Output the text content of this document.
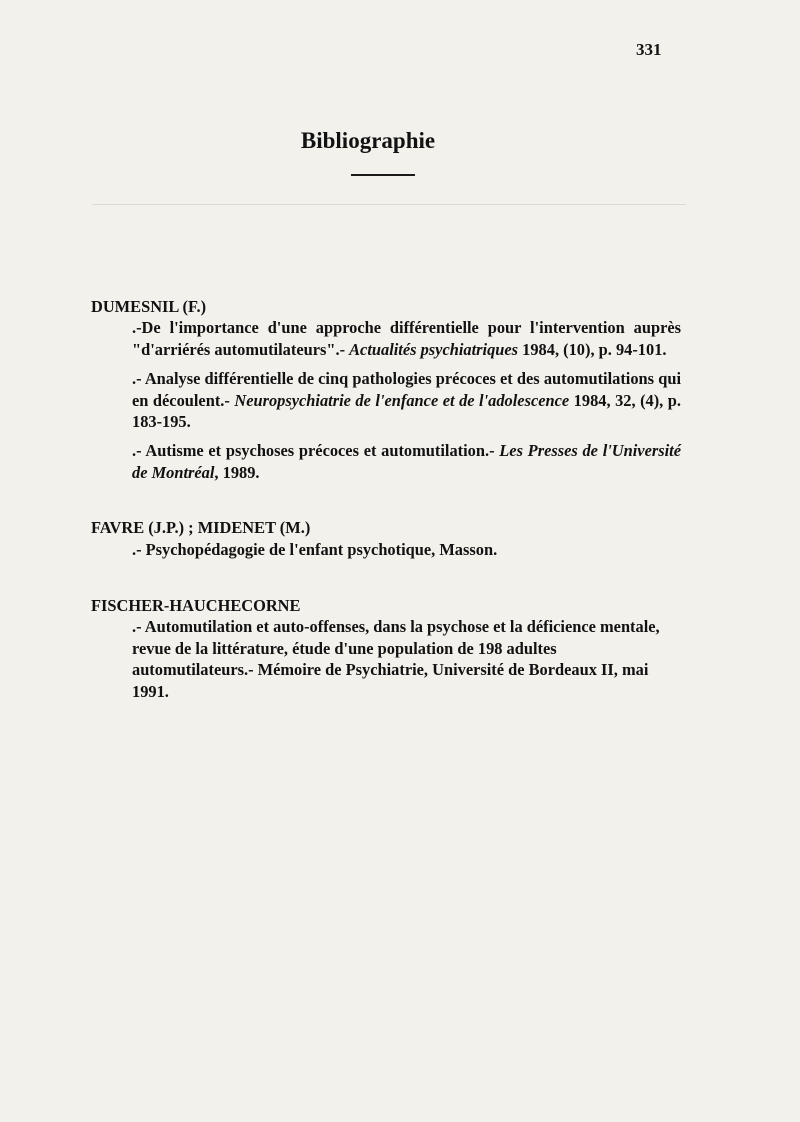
331
Bibliographie

DUMESNIL (F.)

.-De l'importance d'une approche différentielle pour l'intervention auprès "d'arriérés automutilateurs".- Actualités psychiatriques 1984, (10), p. 94-101.

.- Analyse différentielle de cinq pathologies précoces et des automutilations qui en découlent.- Neuropsychiatrie de l'enfance et de l'adolescence 1984, 32, (4), p. 183-195.

.- Autisme et psychoses précoces et automutilation.- Les Presses de l'Université de Montréal, 1989.

FAVRE (J.P.) ; MIDENET (M.)

.- Psychopédagogie de l'enfant psychotique, Masson.

FISCHER-HAUCHECORNE

.- Automutilation et auto-offenses, dans la psychose et la déficience mentale, revue de la littérature, étude d'une population de 198 adultes automutilateurs.- Mémoire de Psychiatrie, Université de Bordeaux II, mai 1991.
